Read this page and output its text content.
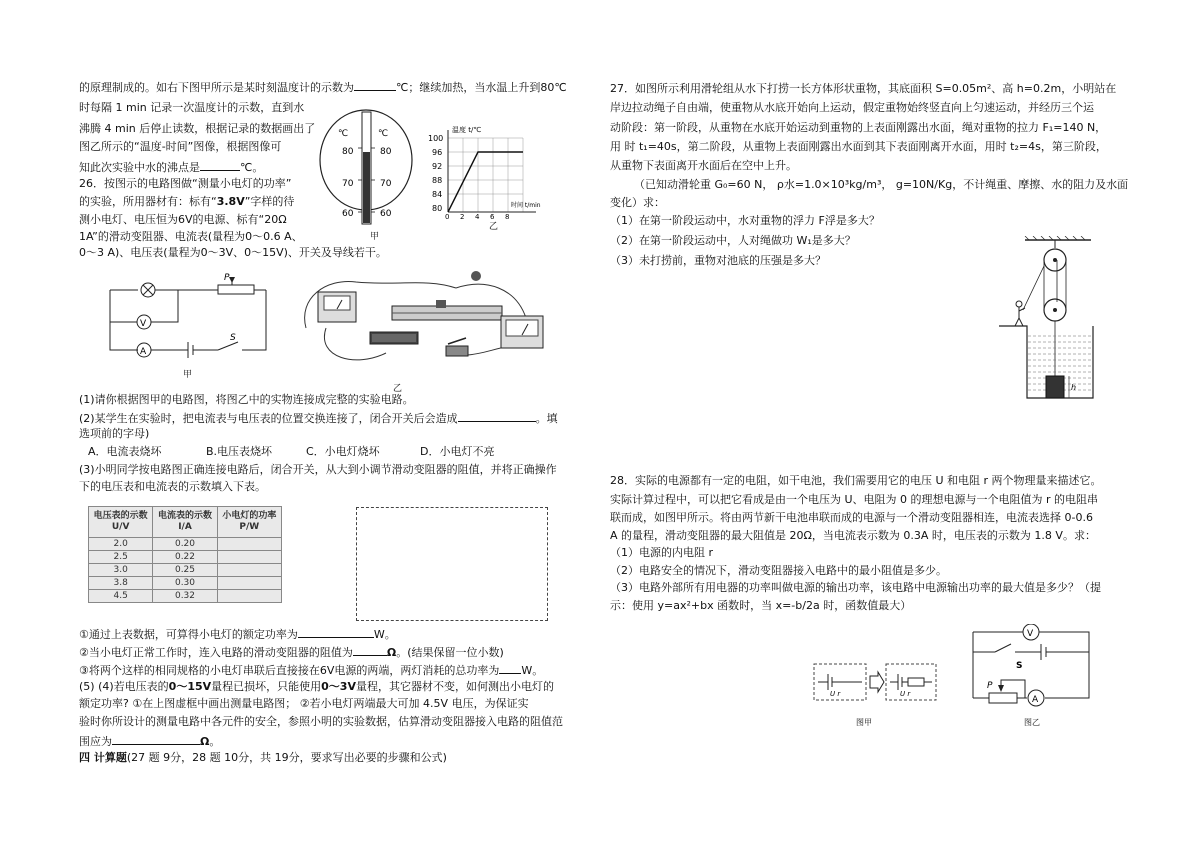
的原理制成的。如右下图甲所示是某时刻温度计的示数为	℃；继续加热，当水温上升到80℃
时每隔 1 min 记录一次温度计的示数，直到水
沸腾 4 min 后停止读数，根据记录的数据画出了
图乙所示的“温度-时间”图像，根据图像可
知此次实验中水的沸点是	℃。
26．按图示的电路图做“测量小电灯的功率”
的实验，所用器材有：标有“3.8V”字样的待
测小电灯、电压恒为6V的电源、标有“20Ω
1A”的滑动变阻器、电流表(量程为0～0.6 A、
0～3 A)、电压表(量程为0～3V、0～15V)、开关及导线若干。
℃	℃
80	80
70	70
60	60
甲
温度 t/℃
时间 t/min
100
96
92
88
84
80
0 2 4 6 8
乙
P
S
V
A
甲
乙
(1)请你根据图甲的电路图，将图乙中的实物连接成完整的实验电路。
(2)某学生在实验时，把电流表与电压表的位置交换连接了，闭合开关后会造成	。填
选项前的字母)
A．电流表烧坏	B.电压表烧坏	C．小电灯烧坏	D．小电灯不亮
(3)小明同学按电路图正确连接电路后，闭合开关，从大到小调节滑动变阻器的阻值，并将正确操作
下的电压表和电流表的示数填入下表。
电压表的示数 U/V	电流表的示数 I/A	小电灯的功率 P/W
2.0	0.20	
2.5	0.22	
3.0	0.25	
3.8	0.30	
4.5	0.32	
①通过上表数据，可算得小电灯的额定功率为	W。
②当小电灯正常工作时，连入电路的滑动变阻器的阻值为	Ω。(结果保留一位小数)
③将两个这样的相同规格的小电灯串联后直接接在6V电源的两端，两灯消耗的总功率为 W。
(5) (4)若电压表的0～15V量程已损坏，只能使用0～3V量程，其它器材不变，如何测出小电灯的
额定功率? ①在上图虚框中画出测量电路图； ②若小电灯两端最大可加 4.5V 电压，为保证实
验时你所设计的测量电路中各元件的安全，参照小明的实验数据，估算滑动变阻器接入电路的阻值范
围应为	Ω。
四 计算题(27 题 9分，28 题 10分，共 19分，要求写出必要的步骤和公式)
27．如图所示利用滑轮组从水下打捞一长方体形状重物，其底面积 S=0.05m²、高 h=0.2m，小明站在
岸边拉动绳子自由端，使重物从水底开始向上运动，假定重物始终竖直向上匀速运动，并经历三个运
动阶段：第一阶段，从重物在水底开始运动到重物的上表面刚露出水面，绳对重物的拉力 F₁=140 N，
用 时 t₁=40s，第二阶段，从重物上表面刚露出水面到其下表面刚离开水面，用时 t₂=4s，第三阶段，
从重物下表面离开水面后在空中上升。
（已知动滑轮重 G₀=60 N， ρ水=1.0×10³kg/m³， g=10N/Kg，不计绳重、摩擦、水的阻力及水面
变化）求：
（1）在第一阶段运动中，水对重物的浮力 F浮是多大？
（2）在第一阶段运动中，人对绳做功 W₁是多大？
（3）未打捞前，重物对池底的压强是多大？
h
28．实际的电源都有一定的电阻，如干电池，我们需要用它的电压 U 和电阻 r 两个物理量来描述它。
实际计算过程中，可以把它看成是由一个电压为 U、电阻为 0 的理想电源与一个电阻值为 r 的电阻串
联而成，如图甲所示。将由两节新干电池串联而成的电源与一个滑动变阻器相连，电流表选择 0-0.6
A 的量程，滑动变阻器的最大阻值是 20Ω，当电流表示数为 0.3A 时，电压表的示数为 1.8 V。求：
（1）电源的内电阻 r
（2）电路安全的情况下，滑动变阻器接入电路中的最小阻值是多少。
（3）电路外部所有用电器的功率叫做电源的输出功率，该电路中电源输出功率的最大值是多少？（提
示：使用 y=ax²+bx 函数时，当 x=-b/2a 时，函数值最大）
U r	U r
图甲
V
S
P
A
图乙
